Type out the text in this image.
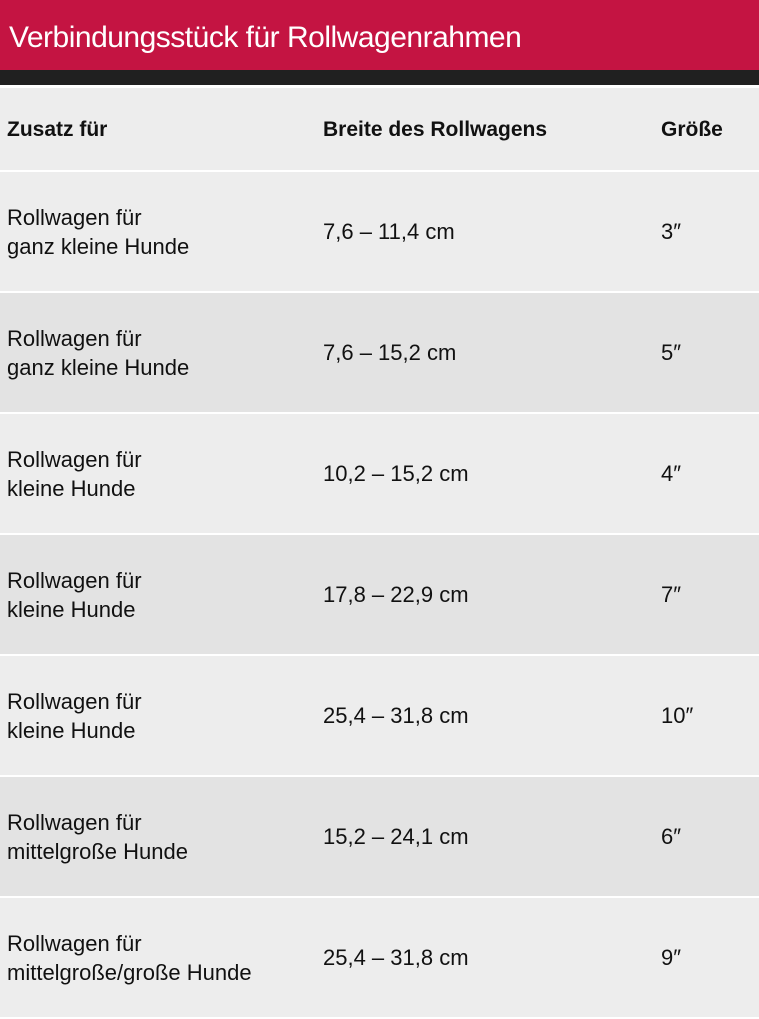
Verbindungsstück für Rollwagenrahmen
Zusatz für	Breite des Rollwagens	Größe
Rollwagen für
ganz kleine Hunde
7,6 – 11,4 cm	3″
Rollwagen für
ganz kleine Hunde
7,6 – 15,2 cm	5″
Rollwagen für
kleine Hunde
10,2 – 15,2 cm	4″
Rollwagen für
kleine Hunde
17,8 – 22,9 cm	7″
Rollwagen für
kleine Hunde
25,4 – 31,8 cm	10″
Rollwagen für
mittelgroße Hunde
15,2 – 24,1 cm	6″
Rollwagen für
mittelgroße/große Hunde
25,4 – 31,8 cm	9″
